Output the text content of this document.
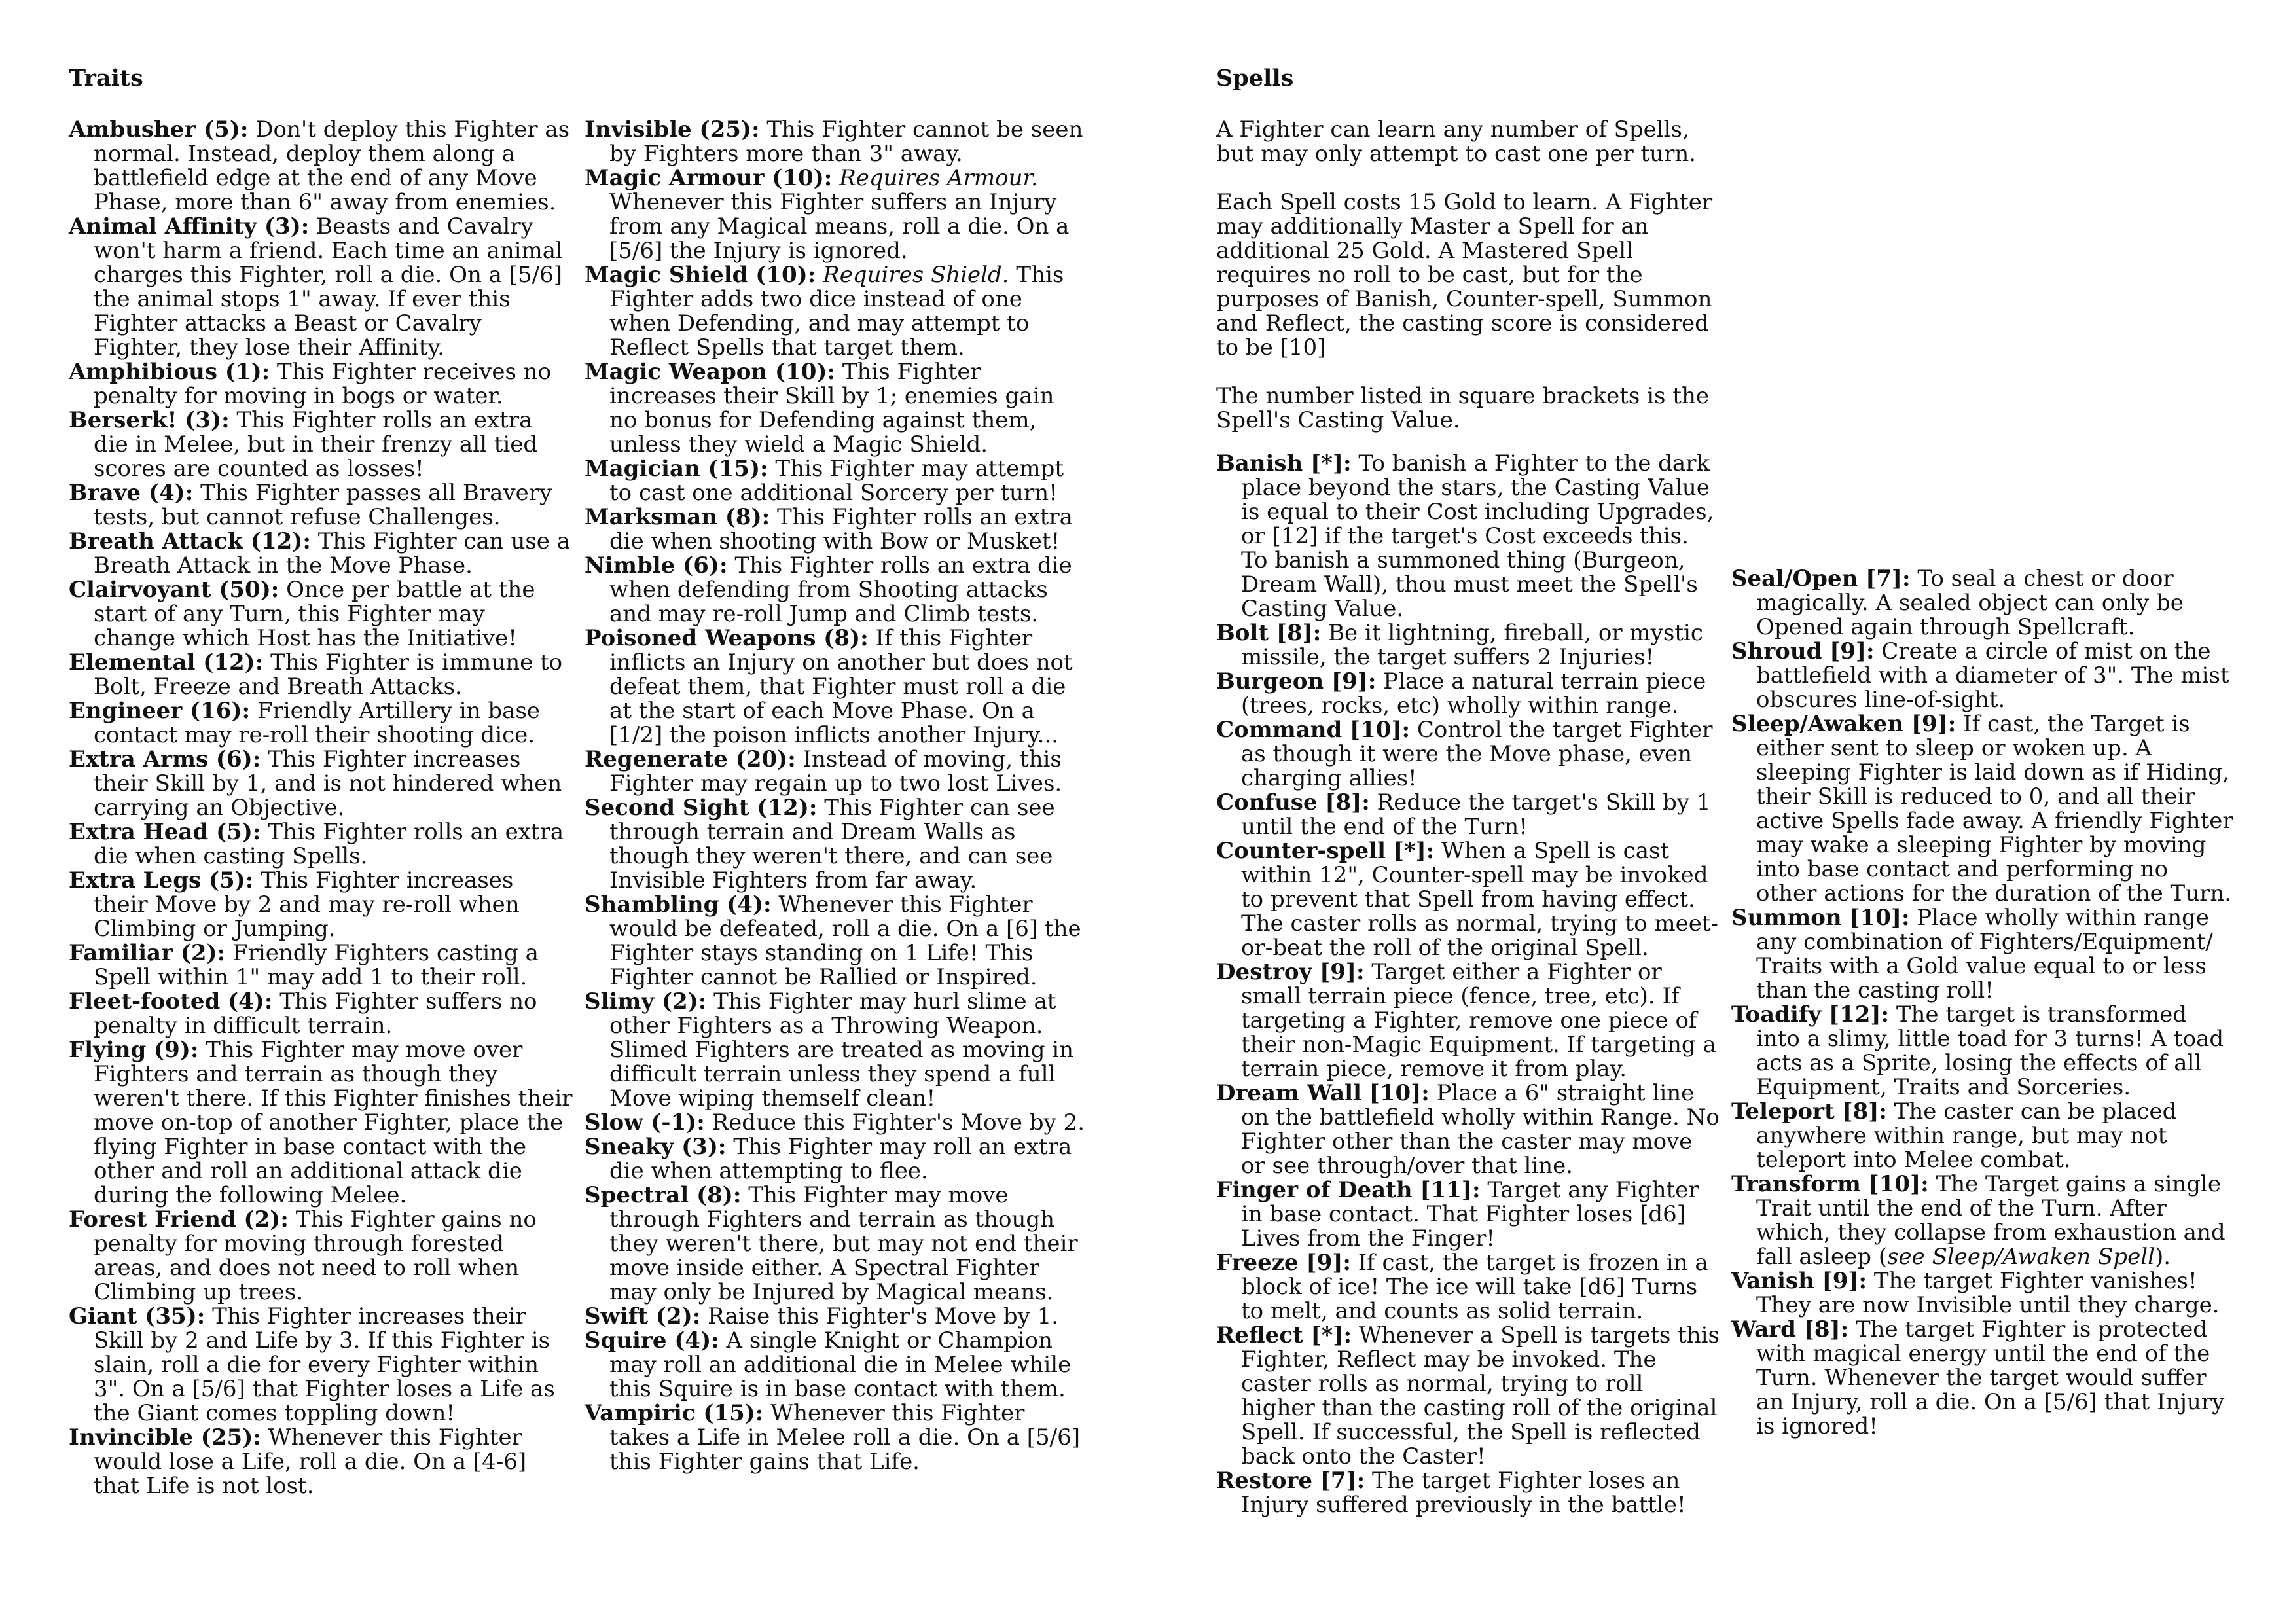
Traits	Spells

Ambusher (5): Don't deploy this Fighter as normal. Instead, deploy them along a battlefield edge at the end of any Move Phase, more than 6" away from enemies.

Animal Affinity (3): Beasts and Cavalry won't harm a friend. Each time an animal charges this Fighter, roll a die. On a [5/6] the animal stops 1" away. If ever this Fighter attacks a Beast or Cavalry Fighter, they lose their Affinity.

Amphibious (1): This Fighter receives no penalty for moving in bogs or water.

Berserk! (3): This Fighter rolls an extra die in Melee, but in their frenzy all tied scores are counted as losses!

Brave (4): This Fighter passes all Bravery tests, but cannot refuse Challenges.

Breath Attack (12): This Fighter can use a Breath Attack in the Move Phase.

Clairvoyant (50): Once per battle at the start of any Turn, this Fighter may change which Host has the Initiative!

Elemental (12): This Fighter is immune to Bolt, Freeze and Breath Attacks.

Engineer (16): Friendly Artillery in base contact may re-roll their shooting dice.

Extra Arms (6): This Fighter increases their Skill by 1, and is not hindered when carrying an Objective.

Extra Head (5): This Fighter rolls an extra die when casting Spells.

Extra Legs (5): This Fighter increases their Move by 2 and may re-roll when Climbing or Jumping.

Familiar (2): Friendly Fighters casting a Spell within 1" may add 1 to their roll.

Fleet-footed (4): This Fighter suffers no penalty in difficult terrain.

Flying (9): This Fighter may move over Fighters and terrain as though they weren't there. If this Fighter finishes their move on-top of another Fighter, place the flying Fighter in base contact with the other and roll an additional attack die during the following Melee.

Forest Friend (2): This Fighter gains no penalty for moving through forested areas, and does not need to roll when Climbing up trees.

Giant (35): This Fighter increases their Skill by 2 and Life by 3. If this Fighter is slain, roll a die for every Fighter within 3". On a [5/6] that Fighter loses a Life as the Giant comes toppling down!

Invincible (25): Whenever this Fighter would lose a Life, roll a die. On a [4-6] that Life is not lost.

Invisible (25): This Fighter cannot be seen by Fighters more than 3" away.

Magic Armour (10): Requires Armour. Whenever this Fighter suffers an Injury from any Magical means, roll a die. On a [5/6] the Injury is ignored.

Magic Shield (10): Requires Shield. This Fighter adds two dice instead of one when Defending, and may attempt to Reflect Spells that target them.

Magic Weapon (10): This Fighter increases their Skill by 1; enemies gain no bonus for Defending against them, unless they wield a Magic Shield.

Magician (15): This Fighter may attempt to cast one additional Sorcery per turn!

Marksman (8): This Fighter rolls an extra die when shooting with Bow or Musket!

Nimble (6): This Fighter rolls an extra die when defending from Shooting attacks and may re-roll Jump and Climb tests.

Poisoned Weapons (8): If this Fighter inflicts an Injury on another but does not defeat them, that Fighter must roll a die at the start of each Move Phase. On a [1/2] the poison inflicts another Injury...

Regenerate (20): Instead of moving, this Fighter may regain up to two lost Lives.

Second Sight (12): This Fighter can see through terrain and Dream Walls as though they weren't there, and can see Invisible Fighters from far away.

Shambling (4): Whenever this Fighter would be defeated, roll a die. On a [6] the Fighter stays standing on 1 Life! This Fighter cannot be Rallied or Inspired.

Slimy (2): This Fighter may hurl slime at other Fighters as a Throwing Weapon. Slimed Fighters are treated as moving in difficult terrain unless they spend a full Move wiping themself clean!

Slow (-1): Reduce this Fighter's Move by 2.

Sneaky (3): This Fighter may roll an extra die when attempting to flee.

Spectral (8): This Fighter may move through Fighters and terrain as though they weren't there, but may not end their move inside either. A Spectral Fighter may only be Injured by Magical means.

Swift (2): Raise this Fighter's Move by 1.

Squire (4): A single Knight or Champion may roll an additional die in Melee while this Squire is in base contact with them.

Vampiric (15): Whenever this Fighter takes a Life in Melee roll a die. On a [5/6] this Fighter gains that Life.

A Fighter can learn any number of Spells, but may only attempt to cast one per turn.

Each Spell costs 15 Gold to learn. A Fighter may additionally Master a Spell for an additional 25 Gold. A Mastered Spell requires no roll to be cast, but for the purposes of Banish, Counter-spell, Summon and Reflect, the casting score is considered to be [10]

The number listed in square brackets is the Spell's Casting Value.

Banish [*]: To banish a Fighter to the dark place beyond the stars, the Casting Value is equal to their Cost including Upgrades, or [12] if the target's Cost exceeds this. To banish a summoned thing (Burgeon, Dream Wall), thou must meet the Spell's Casting Value.

Bolt [8]: Be it lightning, fireball, or mystic missile, the target suffers 2 Injuries!

Burgeon [9]: Place a natural terrain piece (trees, rocks, etc) wholly within range.

Command [10]: Control the target Fighter as though it were the Move phase, even charging allies!

Confuse [8]: Reduce the target's Skill by 1 until the end of the Turn!

Counter-spell [*]: When a Spell is cast within 12", Counter-spell may be invoked to prevent that Spell from having effect. The caster rolls as normal, trying to meet-or-beat the roll of the original Spell.

Destroy [9]: Target either a Fighter or small terrain piece (fence, tree, etc). If targeting a Fighter, remove one piece of their non-Magic Equipment. If targeting a terrain piece, remove it from play.

Dream Wall [10]: Place a 6" straight line on the battlefield wholly within Range. No Fighter other than the caster may move or see through/over that line.

Finger of Death [11]: Target any Fighter in base contact. That Fighter loses [d6] Lives from the Finger!

Freeze [9]: If cast, the target is frozen in a block of ice! The ice will take [d6] Turns to melt, and counts as solid terrain.

Reflect [*]: Whenever a Spell is targets this Fighter, Reflect may be invoked. The caster rolls as normal, trying to roll higher than the casting roll of the original Spell. If successful, the Spell is reflected back onto the Caster!

Restore [7]: The target Fighter loses an Injury suffered previously in the battle!

Seal/Open [7]: To seal a chest or door magically. A sealed object can only be Opened again through Spellcraft.

Shroud [9]: Create a circle of mist on the battlefield with a diameter of 3". The mist obscures line-of-sight.

Sleep/Awaken [9]: If cast, the Target is either sent to sleep or woken up. A sleeping Fighter is laid down as if Hiding, their Skill is reduced to 0, and all their active Spells fade away. A friendly Fighter may wake a sleeping Fighter by moving into base contact and performing no other actions for the duration of the Turn.

Summon [10]: Place wholly within range any combination of Fighters/Equipment/ Traits with a Gold value equal to or less than the casting roll!

Toadify [12]: The target is transformed into a slimy, little toad for 3 turns! A toad acts as a Sprite, losing the effects of all Equipment, Traits and Sorceries.

Teleport [8]: The caster can be placed anywhere within range, but may not teleport into Melee combat.

Transform [10]: The Target gains a single Trait until the end of the Turn. After which, they collapse from exhaustion and fall asleep (see Sleep/Awaken Spell).

Vanish [9]: The target Fighter vanishes! They are now Invisible until they charge.

Ward [8]: The target Fighter is protected with magical energy until the end of the Turn. Whenever the target would suffer an Injury, roll a die. On a [5/6] that Injury is ignored!
